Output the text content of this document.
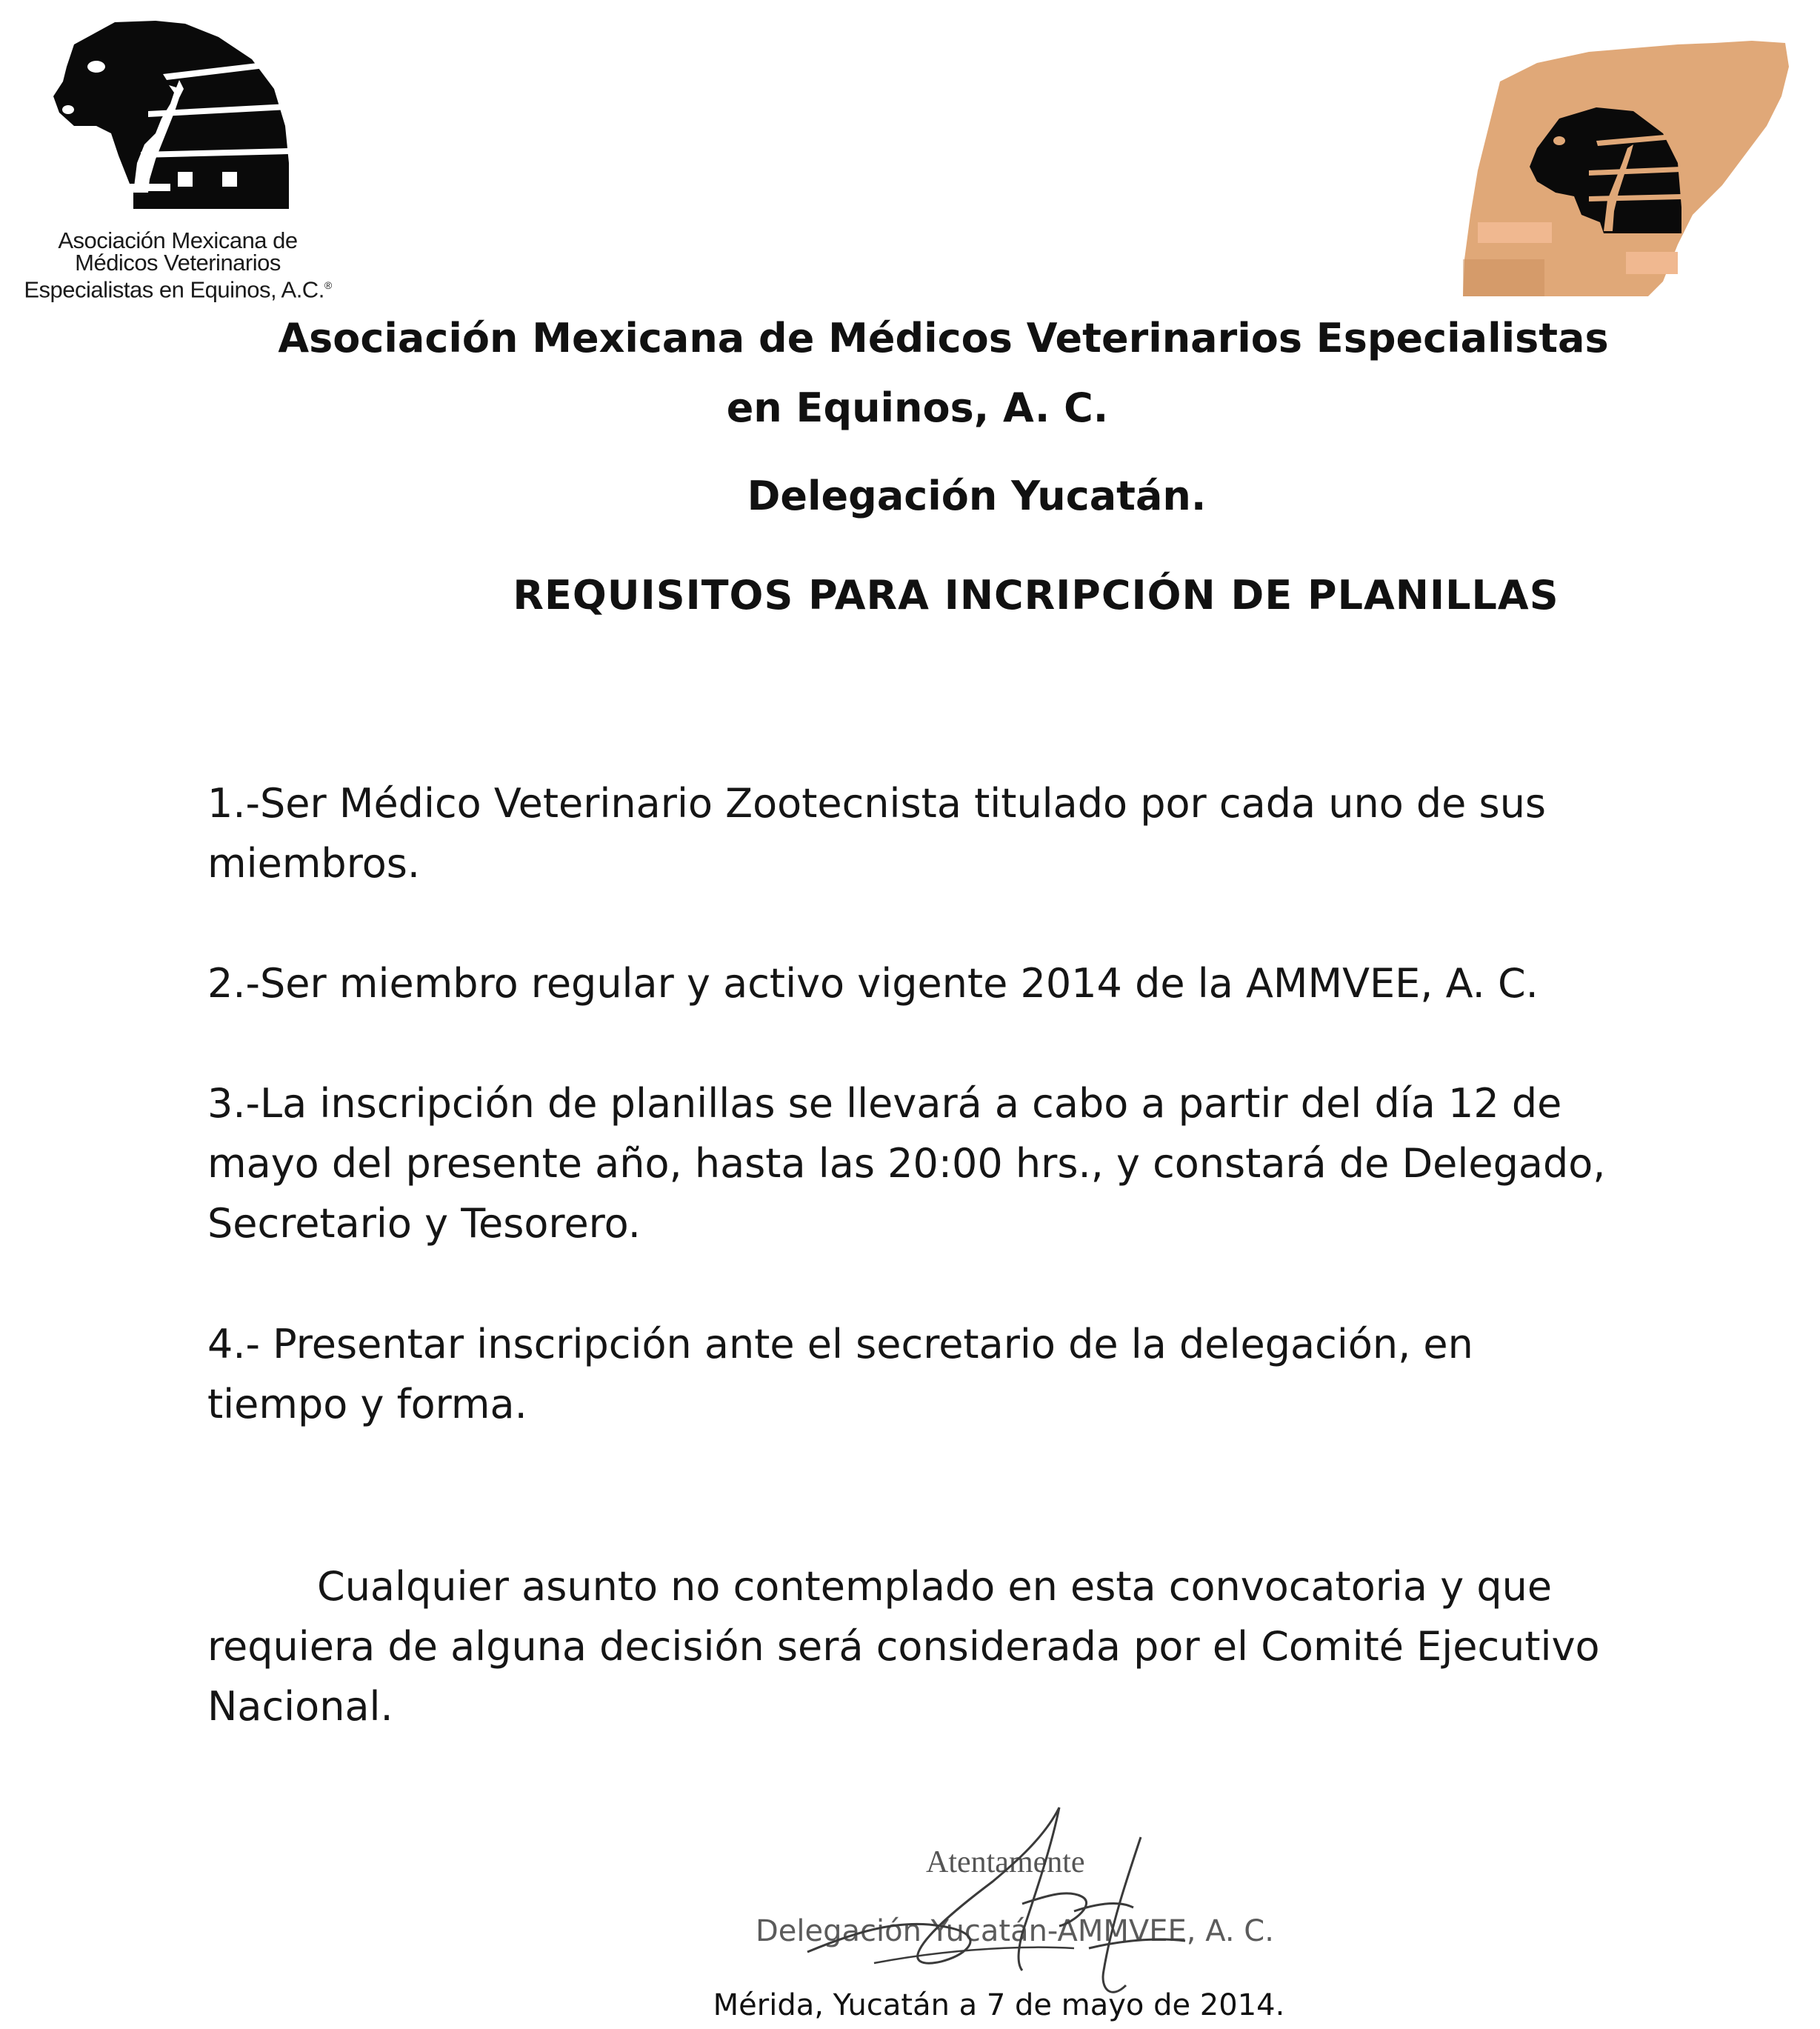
Asociación Mexicana de
Médicos Veterinarios
Especialistas en Equinos, A.C.®
Asociación Mexicana de Médicos Veterinarios Especialistas
en Equinos, A. C.
Delegación Yucatán.
REQUISITOS PARA INCRIPCIÓN DE PLANILLAS
1.-Ser Médico Veterinario Zootecnista titulado por cada uno de sus miembros.
2.-Ser miembro regular y activo vigente 2014 de la AMMVEE, A. C.
3.-La inscripción de planillas se llevará a cabo a partir del día 12 de mayo del presente año, hasta las 20:00 hrs., y constará de Delegado, Secretario y Tesorero.
4.- Presentar inscripción ante el secretario de la delegación, en tiempo y forma.
Cualquier asunto no contemplado en esta convocatoria y que requiera de alguna decisión será considerada por el Comité Ejecutivo Nacional.
Atentamente
Delegación Yucatán-AMMVEE, A. C.
Mérida, Yucatán a 7 de mayo de 2014.
